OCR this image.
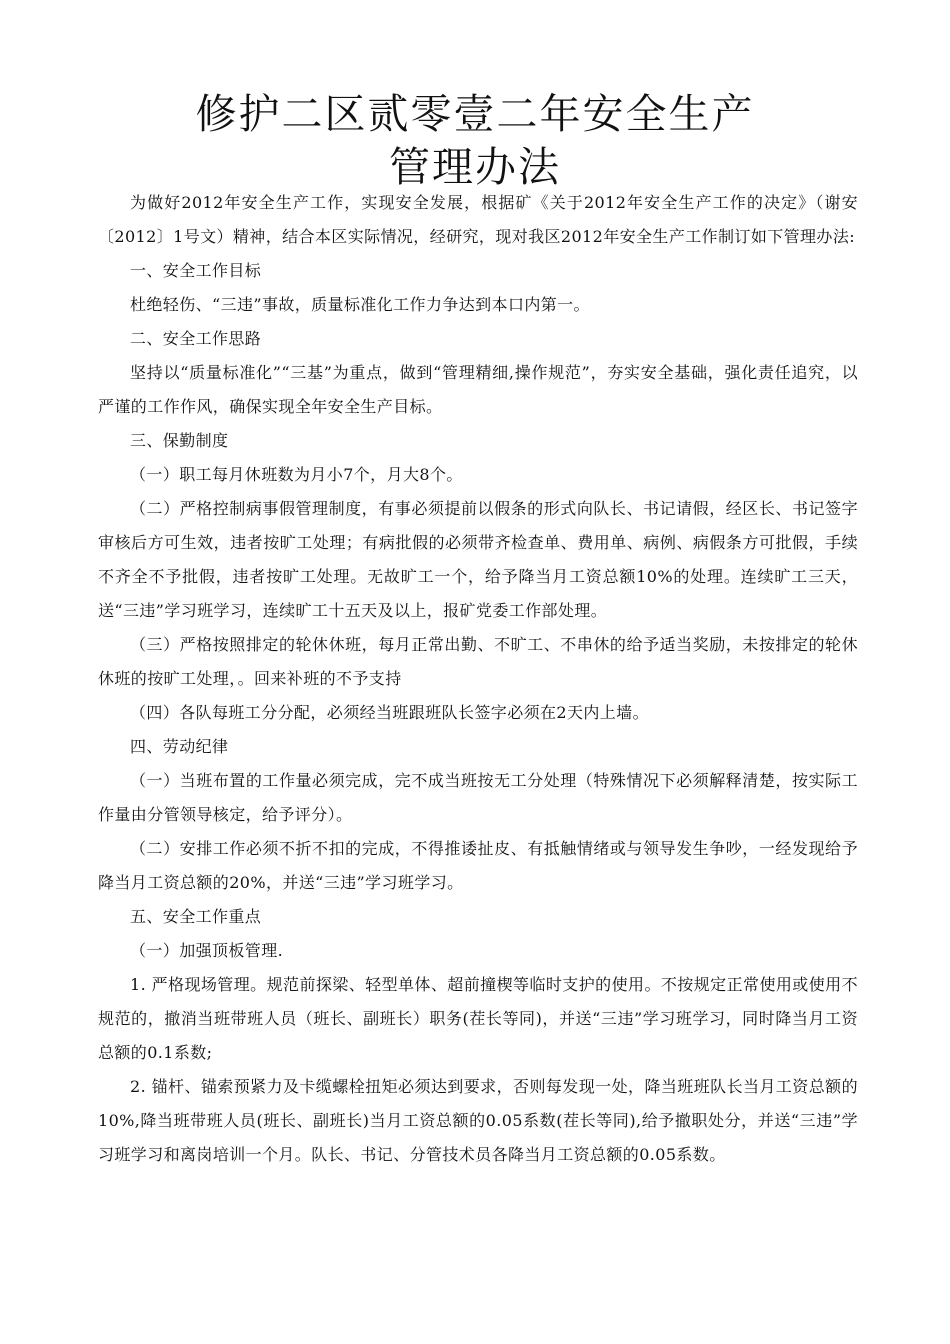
修护二区贰零壹二年安全生产
管理办法

为做好2012年安全生产工作，实现安全发展，根据矿《关于2012年安全生产工作的决定》（谢安〔2012〕1号文）精神，结合本区实际情况，经研究，现对我区2012年安全生产工作制订如下管理办法:

一、安全工作目标

杜绝轻伤、“三违”事故，质量标准化工作力争达到本口内第一。

二、安全工作思路

坚持以“质量标准化”“三基”为重点，做到“管理精细,操作规范”，夯实安全基础，强化责任追究，以严谨的工作作风，确保实现全年安全生产目标。

三、保勤制度

（一）职工每月休班数为月小7个，月大8个。

（二）严格控制病事假管理制度，有事必须提前以假条的形式向队长、书记请假，经区长、书记签字审核后方可生效，违者按旷工处理；有病批假的必须带齐检查单、费用单、病例、病假条方可批假，手续不齐全不予批假，违者按旷工处理。无故旷工一个，给予降当月工资总额10%的处理。连续旷工三天，送“三违”学习班学习，连续旷工十五天及以上，报矿党委工作部处理。

（三）严格按照排定的轮休休班，每月正常出勤、不旷工、不串休的给予适当奖励，未按排定的轮休休班的按旷工处理，。回来补班的不予支持

（四）各队每班工分分配，必须经当班跟班队长签字必须在2天内上墙。

四、劳动纪律

（一）当班布置的工作量必须完成，完不成当班按无工分处理（特殊情况下必须解释清楚，按实际工作量由分管领导核定，给予评分）。

（二）安排工作必须不折不扣的完成，不得推诿扯皮、有抵触情绪或与领导发生争吵，一经发现给予降当月工资总额的20%，并送“三违”学习班学习。

五、安全工作重点

（一）加强顶板管理.

1. 严格现场管理。规范前探梁、轻型单体、超前撞楔等临时支护的使用。不按规定正常使用或使用不规范的，撤消当班带班人员（班长、副班长）职务(茬长等同)，并送“三违”学习班学习，同时降当月工资总额的0.1系数;

2. 锚杆、锚索预紧力及卡缆螺栓扭矩必须达到要求，否则每发现一处，降当班班队长当月工资总额的10%,降当班带班人员(班长、副班长)当月工资总额的0.05系数(茬长等同),给予撤职处分，并送“三违”学习班学习和离岗培训一个月。队长、书记、分管技术员各降当月工资总额的0.05系数。
